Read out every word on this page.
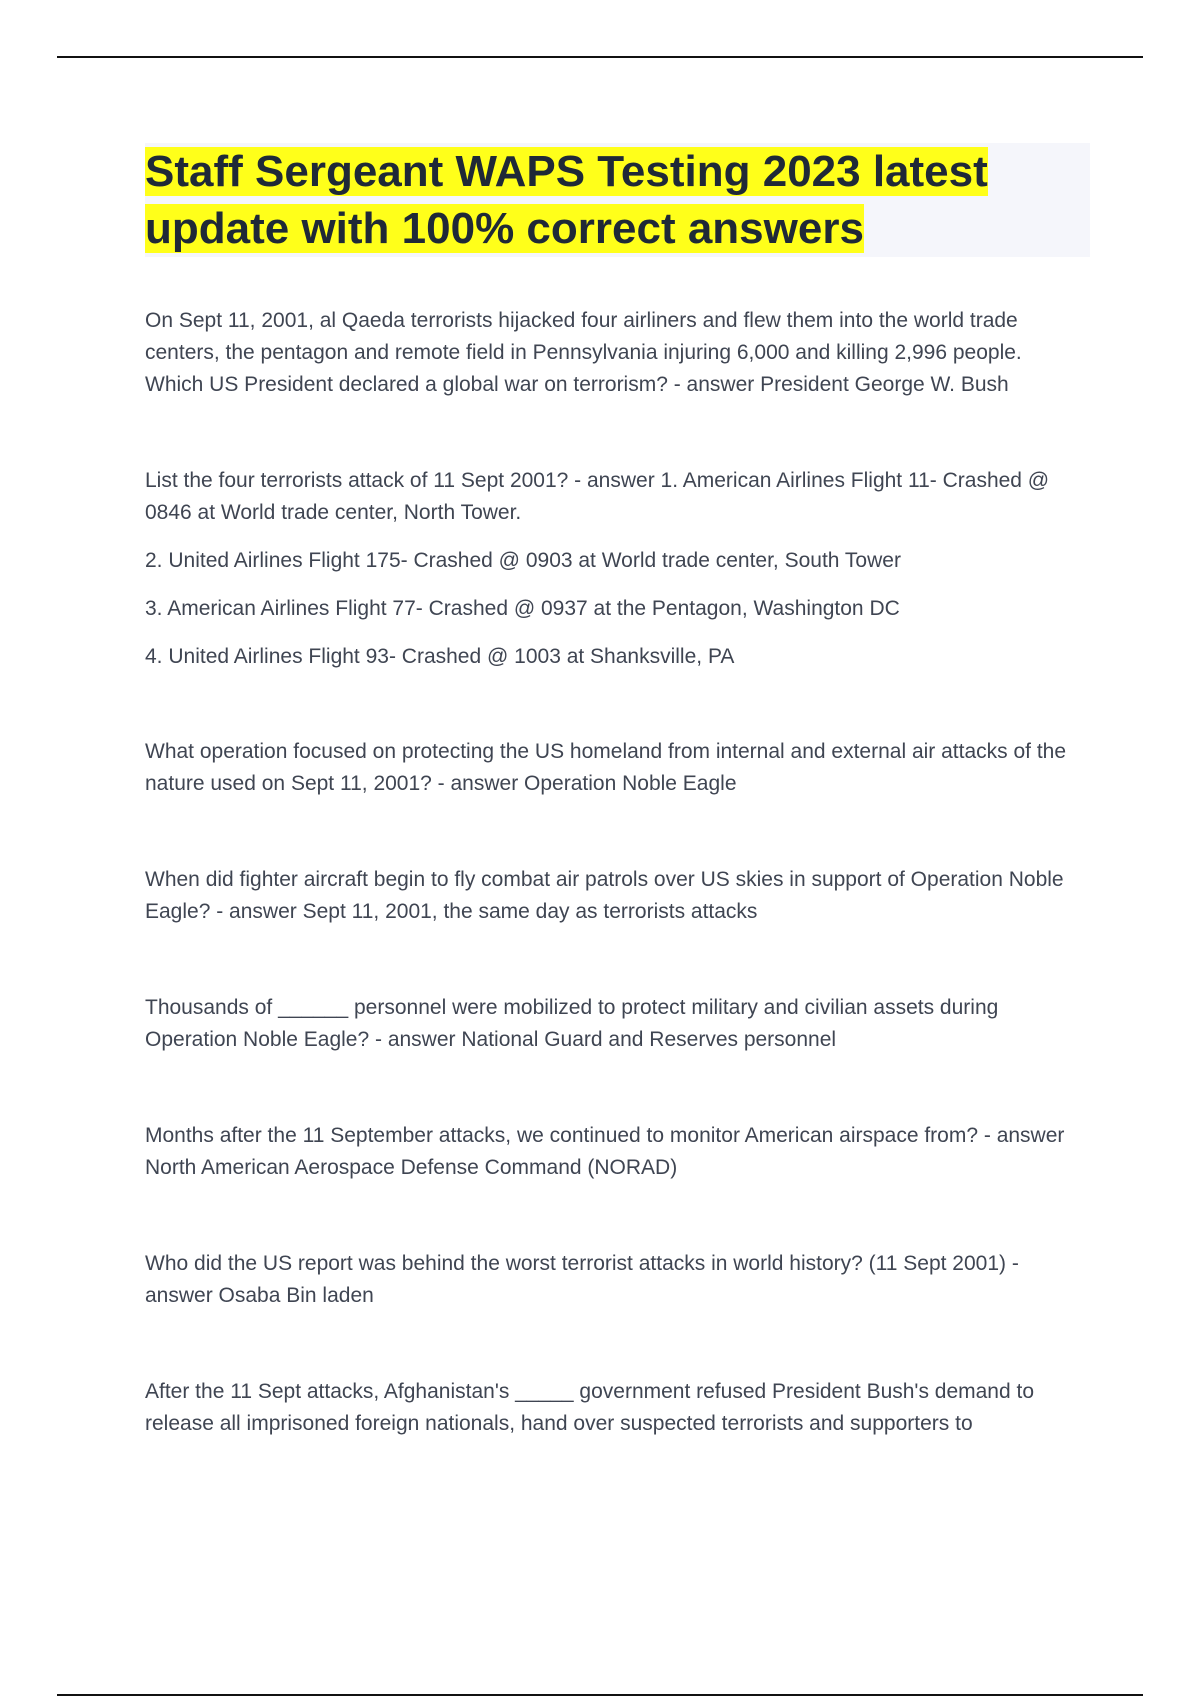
Staff Sergeant WAPS Testing 2023 latest update with 100% correct answers

On Sept 11, 2001, al Qaeda terrorists hijacked four airliners and flew them into the world trade centers, the pentagon and remote field in Pennsylvania injuring 6,000 and killing 2,996 people. Which US President declared a global war on terrorism? - answer President George W. Bush

List the four terrorists attack of 11 Sept 2001? - answer 1. American Airlines Flight 11- Crashed @ 0846 at World trade center, North Tower.

2. United Airlines Flight 175- Crashed @ 0903 at World trade center, South Tower

3. American Airlines Flight 77- Crashed @ 0937 at the Pentagon, Washington DC

4. United Airlines Flight 93- Crashed @ 1003 at Shanksville, PA

What operation focused on protecting the US homeland from internal and external air attacks of the nature used on Sept 11, 2001? - answer Operation Noble Eagle

When did fighter aircraft begin to fly combat air patrols over US skies in support of Operation Noble Eagle? - answer Sept 11, 2001, the same day as terrorists attacks

Thousands of ______ personnel were mobilized to protect military and civilian assets during Operation Noble Eagle? - answer National Guard and Reserves personnel

Months after the 11 September attacks, we continued to monitor American airspace from? - answer North American Aerospace Defense Command (NORAD)

Who did the US report was behind the worst terrorist attacks in world history? (11 Sept 2001) - answer Osaba Bin laden

After the 11 Sept attacks, Afghanistan's _____ government refused President Bush's demand to release all imprisoned foreign nationals, hand over suspected terrorists and supporters to
